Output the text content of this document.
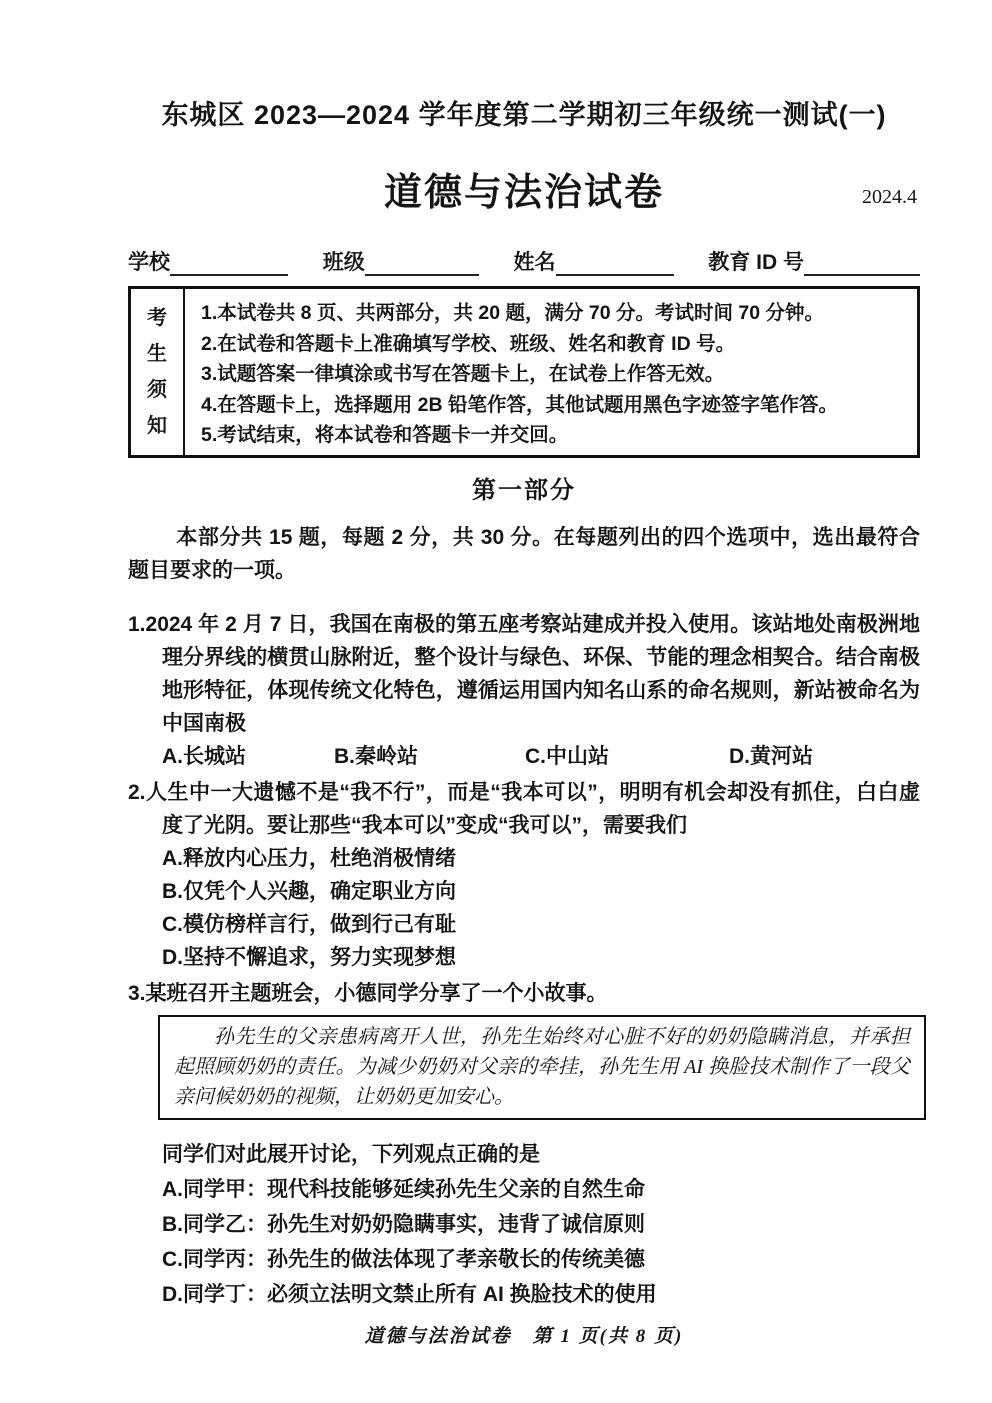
东城区 2023—2024 学年度第二学期初三年级统一测试(一)
道德与法治试卷	2024.4
学校	班级	姓名	教育 ID 号
考生须知
1.本试卷共 8 页、共两部分，共 20 题，满分 70 分。考试时间 70 分钟。
2.在试卷和答题卡上准确填写学校、班级、姓名和教育 ID 号。
3.试题答案一律填涂或书写在答题卡上，在试卷上作答无效。
4.在答题卡上，选择题用 2B 铅笔作答，其他试题用黑色字迹签字笔作答。
5.考试结束，将本试卷和答题卡一并交回。
第一部分

本部分共 15 题，每题 2 分，共 30 分。在每题列出的四个选项中，选出最符合题目要求的一项。

1.2024 年 2 月 7 日，我国在南极的第五座考察站建成并投入使用。该站地处南极洲地理分界线的横贯山脉附近，整个设计与绿色、环保、节能的理念相契合。结合南极地形特征，体现传统文化特色，遵循运用国内知名山系的命名规则，新站被命名为中国南极

A.长城站	B.秦岭站	C.中山站	D.黄河站

2.人生中一大遗憾不是“我不行”，而是“我本可以”，明明有机会却没有抓住，白白虚度了光阴。要让那些“我本可以”变成“我可以”，需要我们

A.释放内心压力，杜绝消极情绪
B.仅凭个人兴趣，确定职业方向
C.模仿榜样言行，做到行己有耻
D.坚持不懈追求，努力实现梦想

3.某班召开主题班会，小德同学分享了一个小故事。

孙先生的父亲患病离开人世，孙先生始终对心脏不好的奶奶隐瞒消息，并承担起照顾奶奶的责任。为减少奶奶对父亲的牵挂，孙先生用 AI 换脸技术制作了一段父亲问候奶奶的视频，让奶奶更加安心。

同学们对此展开讨论，下列观点正确的是
A.同学甲：现代科技能够延续孙先生父亲的自然生命
B.同学乙：孙先生对奶奶隐瞒事实，违背了诚信原则
C.同学丙：孙先生的做法体现了孝亲敬长的传统美德
D.同学丁：必须立法明文禁止所有 AI 换脸技术的使用
道德与法治试卷　第 1 页(共 8 页)
